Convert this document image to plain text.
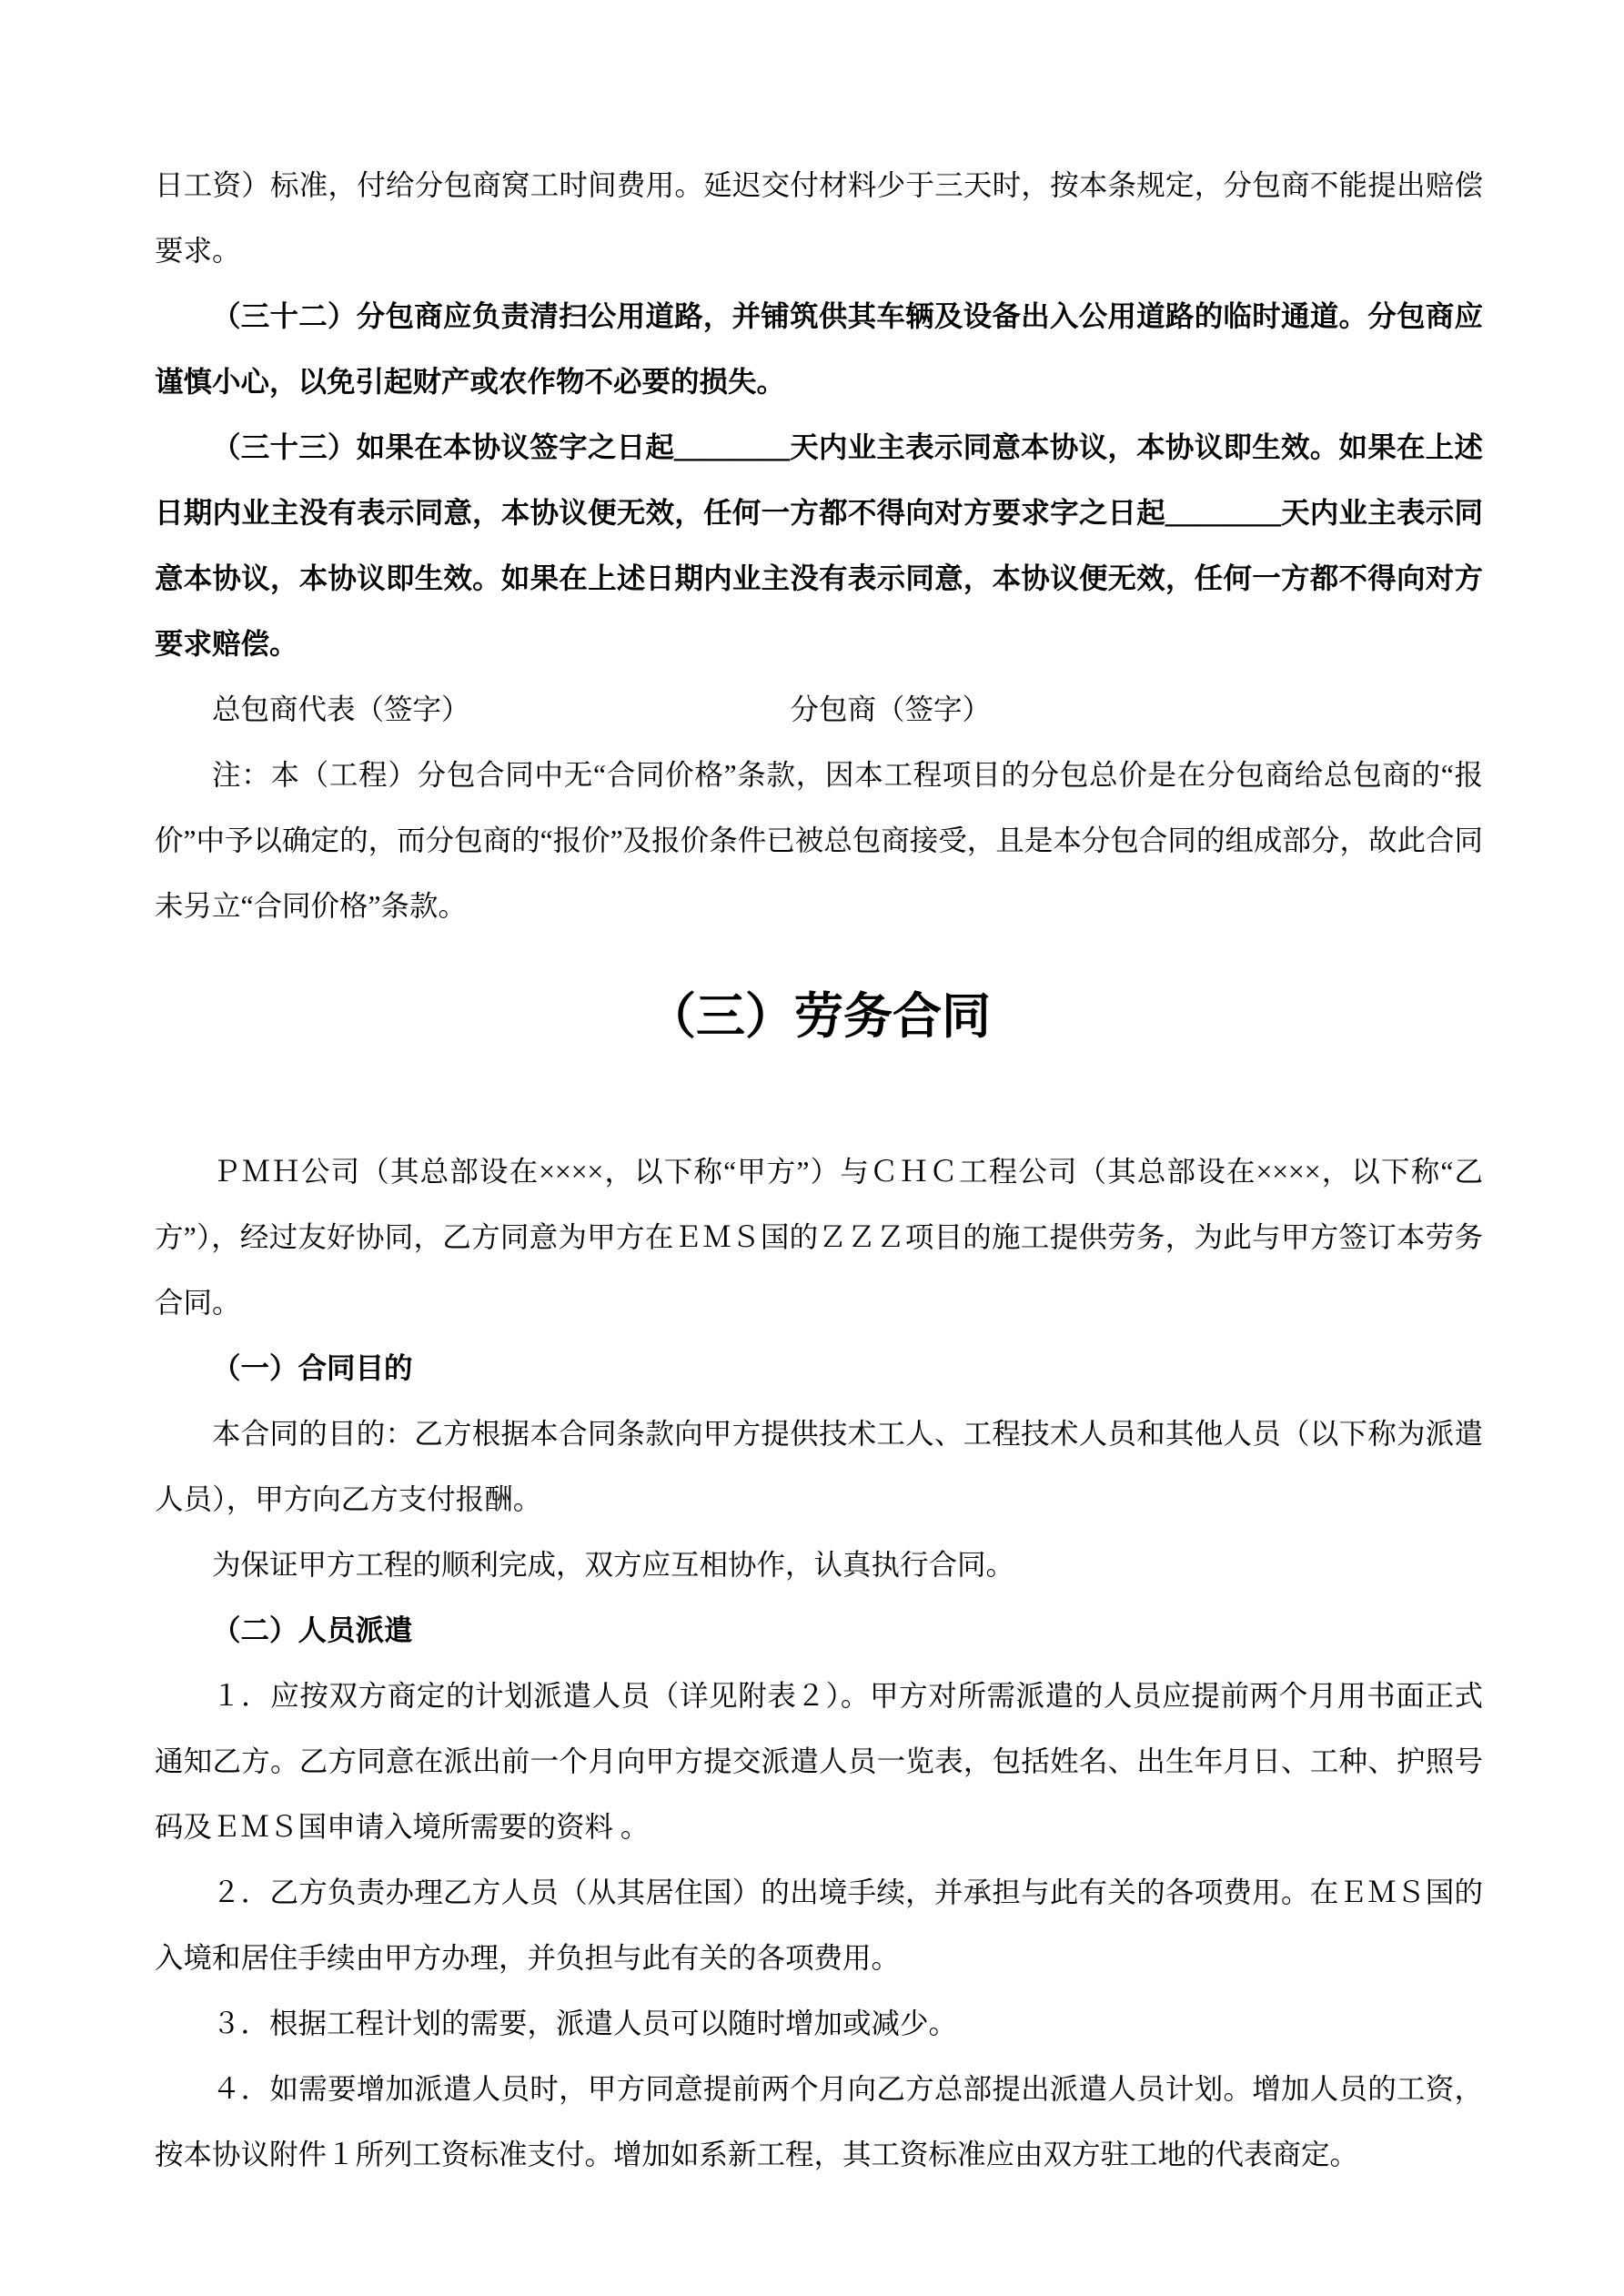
日工资）标准，付给分包商窝工时间费用。延迟交付材料少于三天时，按本条规定，分包商不能提出赔偿要求。

（三十二）分包商应负责清扫公用道路，并铺筑供其车辆及设备出入公用道路的临时通道。分包商应谨慎小心，以免引起财产或农作物不必要的损失。

（三十三）如果在本协议签字之日起＿＿＿＿天内业主表示同意本协议，本协议即生效。如果在上述日期内业主没有表示同意，本协议便无效，任何一方都不得向对方要求字之日起＿＿＿＿天内业主表示同意本协议，本协议即生效。如果在上述日期内业主没有表示同意，本协议便无效，任何一方都不得向对方要求赔偿。

总包商代表（签字）	分包商（签字）

注：本（工程）分包合同中无“合同价格”条款，因本工程项目的分包总价是在分包商给总包商的“报价”中予以确定的，而分包商的“报价”及报价条件已被总包商接受，且是本分包合同的组成部分，故此合同未另立“合同价格”条款。

（三）劳务合同

ＰＭＨ公司（其总部设在××××，以下称“甲方”）与ＣＨＣ工程公司（其总部设在××××，以下称“乙方”），经过友好协同，乙方同意为甲方在ＥＭＳ国的ＺＺＺ项目的施工提供劳务，为此与甲方签订本劳务合同。

（一）合同目的

本合同的目的：乙方根据本合同条款向甲方提供技术工人、工程技术人员和其他人员（以下称为派遣人员），甲方向乙方支付报酬。

为保证甲方工程的顺利完成，双方应互相协作，认真执行合同。

（二）人员派遣

１．应按双方商定的计划派遣人员（详见附表２）。甲方对所需派遣的人员应提前两个月用书面正式通知乙方。乙方同意在派出前一个月向甲方提交派遣人员一览表，包括姓名、出生年月日、工种、护照号码及ＥＭＳ国申请入境所需要的资料 。

２．乙方负责办理乙方人员（从其居住国）的出境手续，并承担与此有关的各项费用。在ＥＭＳ国的入境和居住手续由甲方办理，并负担与此有关的各项费用。

３．根据工程计划的需要，派遣人员可以随时增加或减少。

４．如需要增加派遣人员时，甲方同意提前两个月向乙方总部提出派遣人员计划。增加人员的工资，按本协议附件１所列工资标准支付。增加如系新工程，其工资标准应由双方驻工地的代表商定。
